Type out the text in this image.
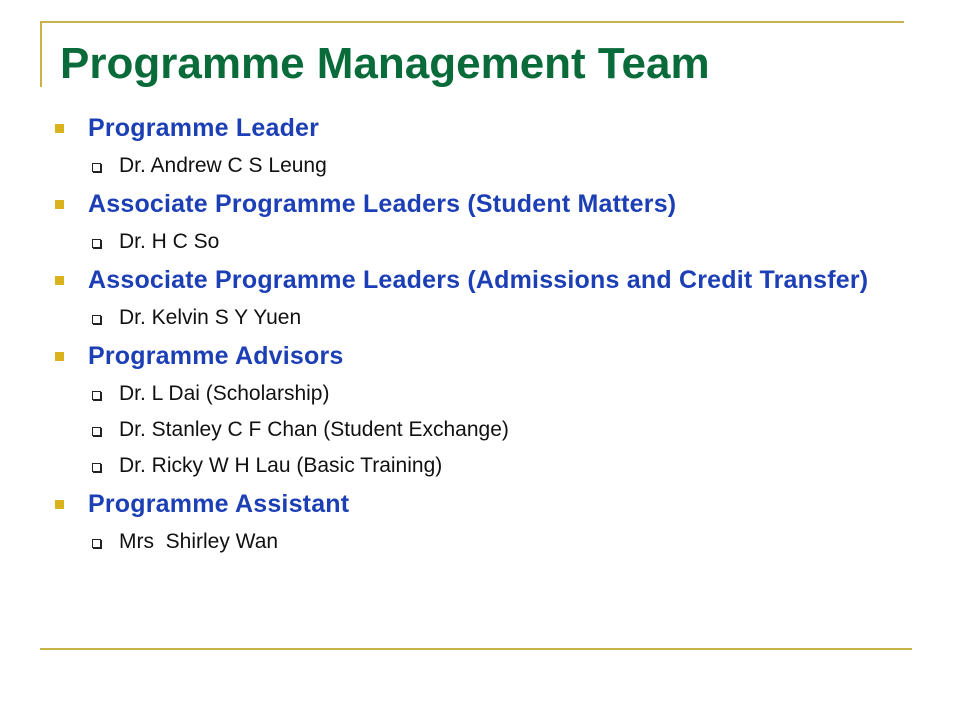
Programme Management Team
Programme Leader
Dr. Andrew C S Leung
Associate Programme Leaders (Student Matters)
Dr. H C So
Associate Programme Leaders (Admissions and Credit Transfer)
Dr. Kelvin S Y Yuen
Programme Advisors
Dr. L Dai (Scholarship)
Dr. Stanley C F Chan (Student Exchange)
Dr. Ricky W H Lau (Basic Training)
Programme Assistant
Mrs  Shirley Wan
